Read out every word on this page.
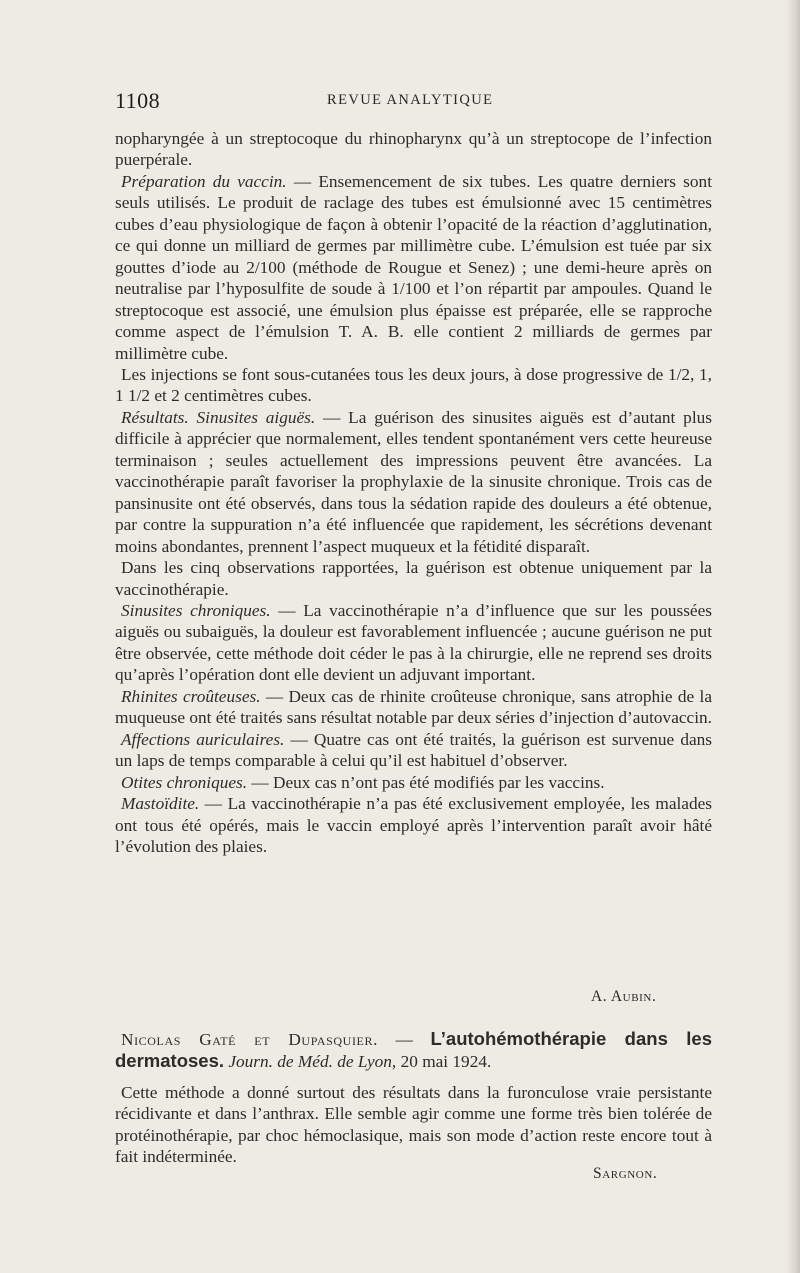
1108	REVUE ANALYTIQUE

nopharyngée à un streptocoque du rhinopharynx qu’à un streptocope de l’infection puerpérale.

Préparation du vaccin. — Ensemencement de six tubes. Les quatre derniers sont seuls utilisés. Le produit de raclage des tubes est émulsionné avec 15 centimètres cubes d’eau physiologique de façon à obtenir l’opacité de la réaction d’agglutination, ce qui donne un milliard de germes par millimètre cube. L’émulsion est tuée par six gouttes d’iode au 2/100 (méthode de Rougue et Senez) ; une demi-heure après on neutralise par l’hyposulfite de soude à 1/100 et l’on répartit par ampoules. Quand le streptocoque est associé, une émulsion plus épaisse est préparée, elle se rapproche comme aspect de l’émulsion T. A. B. elle contient 2 milliards de germes par millimètre cube.

Les injections se font sous-cutanées tous les deux jours, à dose progressive de 1/2, 1, 1 1/2 et 2 centimètres cubes.

Résultats. Sinusites aiguës. — La guérison des sinusites aiguës est d’autant plus difficile à apprécier que normalement, elles tendent spontanément vers cette heureuse terminaison ; seules actuellement des impressions peuvent être avancées. La vaccinothérapie paraît favoriser la prophylaxie de la sinusite chronique. Trois cas de pansinusite ont été observés, dans tous la sédation rapide des douleurs a été obtenue, par contre la suppuration n’a été influencée que rapidement, les sécrétions devenant moins abondantes, prennent l’aspect muqueux et la fétidité disparaît.

Dans les cinq observations rapportées, la guérison est obtenue uniquement par la vaccinothérapie.

Sinusites chroniques. — La vaccinothérapie n’a d’influence que sur les poussées aiguës ou subaiguës, la douleur est favorablement influencée ; aucune guérison ne put être observée, cette méthode doit céder le pas à la chirurgie, elle ne reprend ses droits qu’après l’opération dont elle devient un adjuvant important.

Rhinites croûteuses. — Deux cas de rhinite croûteuse chronique, sans atrophie de la muqueuse ont été traités sans résultat notable par deux séries d’injection d’autovaccin.

Affections auriculaires. — Quatre cas ont été traités, la guérison est survenue dans un laps de temps comparable à celui qu’il est habituel d’observer.

Otites chroniques. — Deux cas n’ont pas été modifiés par les vaccins.

Mastoïdite. — La vaccinothérapie n’a pas été exclusivement employée, les malades ont tous été opérés, mais le vaccin employé après l’intervention paraît avoir hâté l’évolution des plaies.

A. Aubin.

Nicolas Gaté et Dupasquier. — L’autohémothérapie dans les dermatoses. Journ. de Méd. de Lyon, 20 mai 1924.

Cette méthode a donné surtout des résultats dans la furonculose vraie persistante récidivante et dans l’anthrax. Elle semble agir comme une forme très bien tolérée de protéinothérapie, par choc hémoclasique, mais son mode d’action reste encore tout à fait indéterminée.

Sargnon.
